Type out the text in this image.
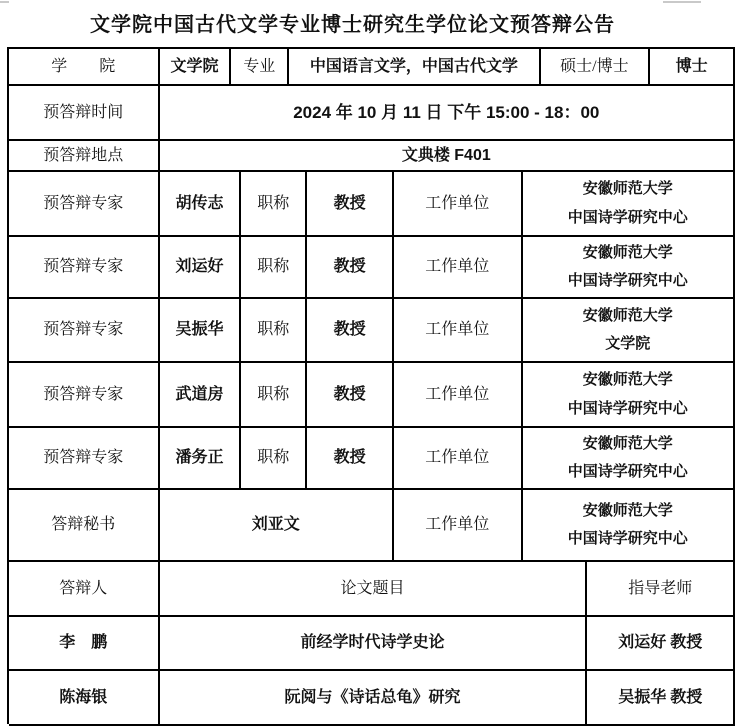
文学院中国古代文学专业博士研究生学位论文预答辩公告
学　　院	文学院	专业	中国语言文学，中国古代文学	硕士/博士	博士
预答辩时间	2024 年 10 月 11 日 下午 15:00 - 18：00
预答辩地点	文典楼 F401
预答辩专家	胡传志	职称	教授	工作单位
安徽师范大学
中国诗学研究中心
预答辩专家	刘运好	职称	教授	工作单位
安徽师范大学
中国诗学研究中心
预答辩专家	吴振华	职称	教授	工作单位
安徽师范大学
文学院
预答辩专家	武道房	职称	教授	工作单位
安徽师范大学
中国诗学研究中心
预答辩专家	潘务正	职称	教授	工作单位
安徽师范大学
中国诗学研究中心
答辩秘书	刘亚文	工作单位
安徽师范大学
中国诗学研究中心
答辩人	论文题目	指导老师
李　鹏	前经学时代诗学史论	刘运好 教授
陈海银	阮阅与《诗话总龟》研究	吴振华 教授
